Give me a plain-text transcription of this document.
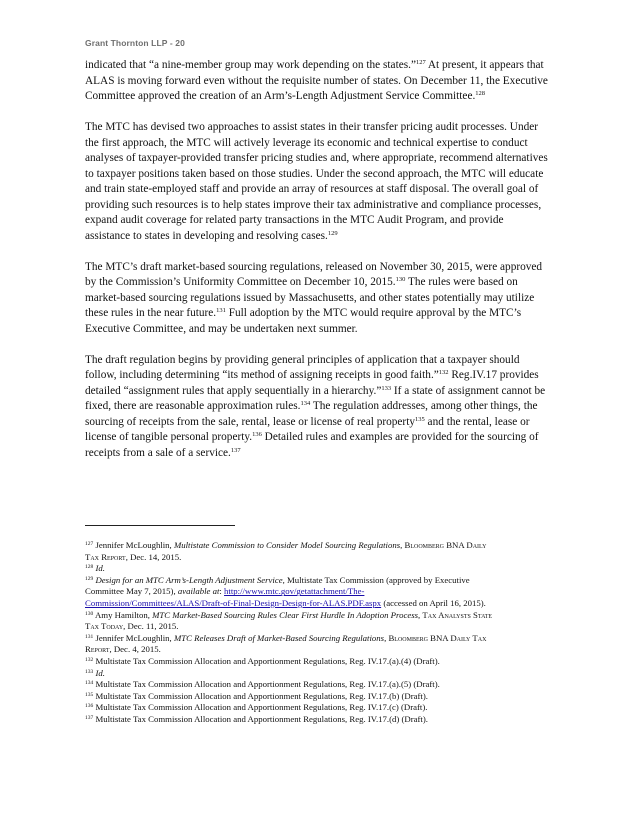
Grant Thornton LLP - 20

indicated that “a nine-member group may work depending on the states.”$^{127}$ At present, it appears that ALAS is moving forward even without the requisite number of states. On December 11, the Executive Committee approved the creation of an Arm’s-Length Adjustment Service Committee.$^{128}$

The MTC has devised two approaches to assist states in their transfer pricing audit processes. Under the first approach, the MTC will actively leverage its economic and technical expertise to conduct analyses of taxpayer-provided transfer pricing studies and, where appropriate, recommend alternatives to taxpayer positions taken based on those studies. Under the second approach, the MTC will educate and train state-employed staff and provide an array of resources at staff disposal. The overall goal of providing such resources is to help states improve their tax administrative and compliance processes, expand audit coverage for related party transactions in the MTC Audit Program, and provide assistance to states in developing and resolving cases.$^{129}$

The MTC’s draft market-based sourcing regulations, released on November 30, 2015, were approved by the Commission’s Uniformity Committee on December 10, 2015.$^{130}$ The rules were based on market-based sourcing regulations issued by Massachusetts, and other states potentially may utilize these rules in the near future.$^{131}$ Full adoption by the MTC would require approval by the MTC’s Executive Committee, and may be undertaken next summer.

The draft regulation begins by providing general principles of application that a taxpayer should follow, including determining “its method of assigning receipts in good faith.”$^{132}$ Reg.IV.17 provides detailed “assignment rules that apply sequentially in a hierarchy.”$^{133}$ If a state of assignment cannot be fixed, there are reasonable approximation rules.$^{134}$ The regulation addresses, among other things, the sourcing of receipts from the sale, rental, lease or license of real property$^{135}$ and the rental, lease or license of tangible personal property.$^{136}$ Detailed rules and examples are provided for the sourcing of receipts from a sale of a service.$^{137}$

$^{127}$ Jennifer McLoughlin, Multistate Commission to Consider Model Sourcing Regulations, Bloomberg BNA Daily Tax Report, Dec. 14, 2015.

$^{128}$ Id.

$^{129}$ Design for an MTC Arm’s-Length Adjustment Service, Multistate Tax Commission (approved by Executive Committee May 7, 2015), available at: http://www.mtc.gov/getattachment/The-Commission/Committees/ALAS/Draft-of-Final-Design-Design-for-ALAS.PDF.aspx (accessed on April 16, 2015).

$^{130}$ Amy Hamilton, MTC Market-Based Sourcing Rules Clear First Hurdle In Adoption Process, Tax Analysts State Tax Today, Dec. 11, 2015.

$^{131}$ Jennifer McLoughlin, MTC Releases Draft of Market-Based Sourcing Regulations, Bloomberg BNA Daily Tax Report, Dec. 4, 2015.

$^{132}$ Multistate Tax Commission Allocation and Apportionment Regulations, Reg. IV.17.(a).(4) (Draft).

$^{133}$ Id.

$^{134}$ Multistate Tax Commission Allocation and Apportionment Regulations, Reg. IV.17.(a).(5) (Draft).

$^{135}$ Multistate Tax Commission Allocation and Apportionment Regulations, Reg. IV.17.(b) (Draft).

$^{136}$ Multistate Tax Commission Allocation and Apportionment Regulations, Reg. IV.17.(c) (Draft).

$^{137}$ Multistate Tax Commission Allocation and Apportionment Regulations, Reg. IV.17.(d) (Draft).
